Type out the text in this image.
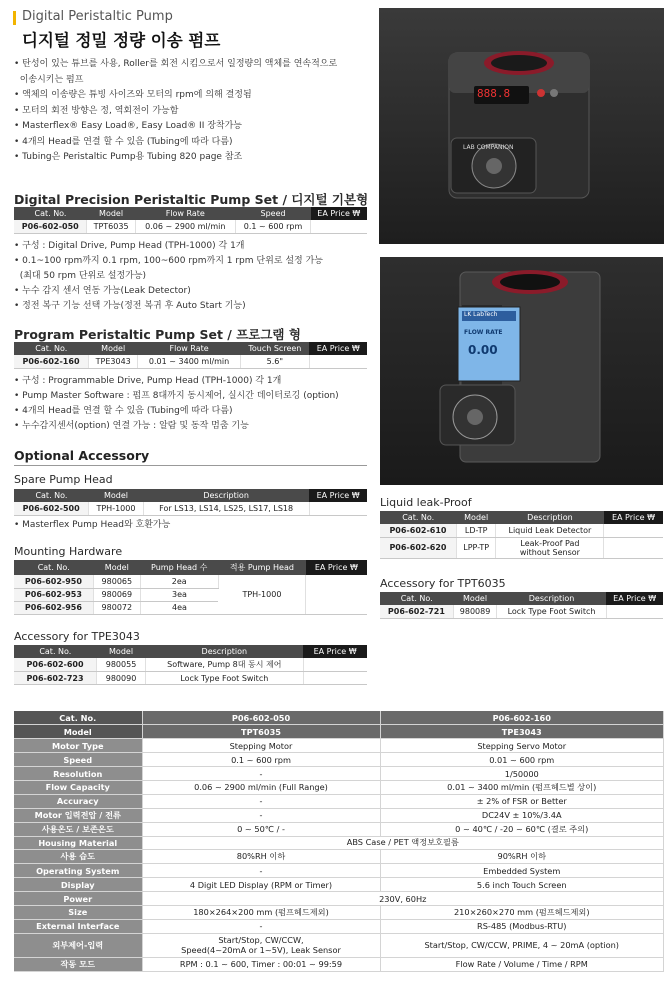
Digital Peristaltic Pump
디지털 정밀 정량 이송 펌프
• 탄성이 있는 튜브를 사용, Roller를 회전 시킴으로서 일정량의 액체를 연속적으로
이송시키는 펌프
• 액체의 이송량은 튜빙 사이즈와 모터의 rpm에 의해 결정됨
• 모터의 회전 방향은 정, 역회전이 가능함
• Masterflex® Easy Load®, Easy Load® II 장착가능
• 4개의 Head를 연결 할 수 있음 (Tubing에 따라 다름)
• Tubing은 Peristaltic Pump용 Tubing 820 page 참조
Digital Precision Peristaltic Pump Set / 디지털 기본형
Cat. No.	Model	Flow Rate	Speed	EA Price ₩
P06-602-050	TPT6035	0.06 ~ 2900 ml/min	0.1 ~ 600 rpm	
• 구성 : Digital Drive, Pump Head (TPH-1000) 각 1개
• 0.1~100 rpm까지 0.1 rpm, 100~600 rpm까지 1 rpm 단위로 설정 가능
(최대 50 rpm 단위로 설정가능)
• 누수 감지 센서 연동 가능(Leak Detector)
• 정전 복구 기능 선택 가능(정전 복귀 후 Auto Start 기능)
Program Peristaltic Pump Set / 프로그램 형
Cat. No.	Model	Flow Rate	Touch Screen	EA Price ₩
P06-602-160	TPE3043	0.01 ~ 3400 ml/min	5.6"	
• 구성 : Programmable Drive, Pump Head (TPH-1000) 각 1개
• Pump Master Software : 펌프 8대까지 동시제어, 실시간 데이터로깅 (option)
• 4개의 Head를 연결 할 수 있음 (Tubing에 따라 다름)
• 누수감지센서(option) 연결 가능 : 알람 및 동작 멈춤 기능
Optional Accessory
Spare Pump Head
Cat. No.	Model	Description	EA Price ₩
P06-602-500	TPH-1000	For LS13, LS14, LS25, LS17, LS18	
• Masterflex Pump Head와 호환가능
Mounting Hardware
Cat. No.	Model	Pump Head 수	적용 Pump Head	EA Price ₩
P06-602-950	980065	2ea	TPH-1000	
P06-602-953	980069	3ea		
P06-602-956	980072	4ea		
Accessory for TPE3043
Cat. No.	Model	Description	EA Price ₩
P06-602-600	980055	Software, Pump 8대 동시 제어	
P06-602-723	980090	Lock Type Foot Switch	
Liquid leak-Proof
Cat. No.	Model	Description	EA Price ₩
P06-602-610	LD-TP	Liquid Leak Detector	
P06-602-620	LPP-TP	Leak-Proof Pad
without Sensor	
Accessory for TPT6035
Cat. No.	Model	Description	EA Price ₩
P06-602-721	980089	Lock Type Foot Switch	
888.8
LAB COMPANION
LK LabTech
FLOW RATE
0.00
Cat. No.	P06-602-050	P06-602-160
Model	TPT6035	TPE3043
Motor Type	Stepping Motor	Stepping Servo Motor
Speed	0.1 ~ 600 rpm	0.01 ~ 600 rpm
Resolution	-	1/50000
Flow Capacity	0.06 ~ 2900 ml/min (Full Range)	0.01 ~ 3400 ml/min (펌프헤드별 상이)
Accuracy	-	± 2% of FSR or Better
Motor 입력전압 / 전류	-	DC24V ± 10%/3.4A
사용온도 / 보존온도	0 ~ 50℃ / -	0 ~ 40℃ / -20 ~ 60℃ (결로 주의)
Housing Material	ABS Case / PET 액정보호필름	
사용 습도	80%RH 이하	90%RH 이하
Operating System	-	Embedded System
Display	4 Digit LED Display (RPM or Timer)	5.6 inch Touch Screen
Power	230V, 60Hz	
Size	180×264×200 mm (펌프헤드제외)	210×260×270 mm (펌프헤드제외)
External Interface	-	RS-485 (Modbus-RTU)
외부제어-입력	Start/Stop, CW/CCW,
Speed(4~20mA or 1~5V), Leak Sensor	Start/Stop, CW/CCW, PRIME, 4 ~ 20mA (option)
작동 모드	RPM : 0.1 ~ 600, Timer : 00:01 ~ 99:59	Flow Rate / Volume / Time / RPM
